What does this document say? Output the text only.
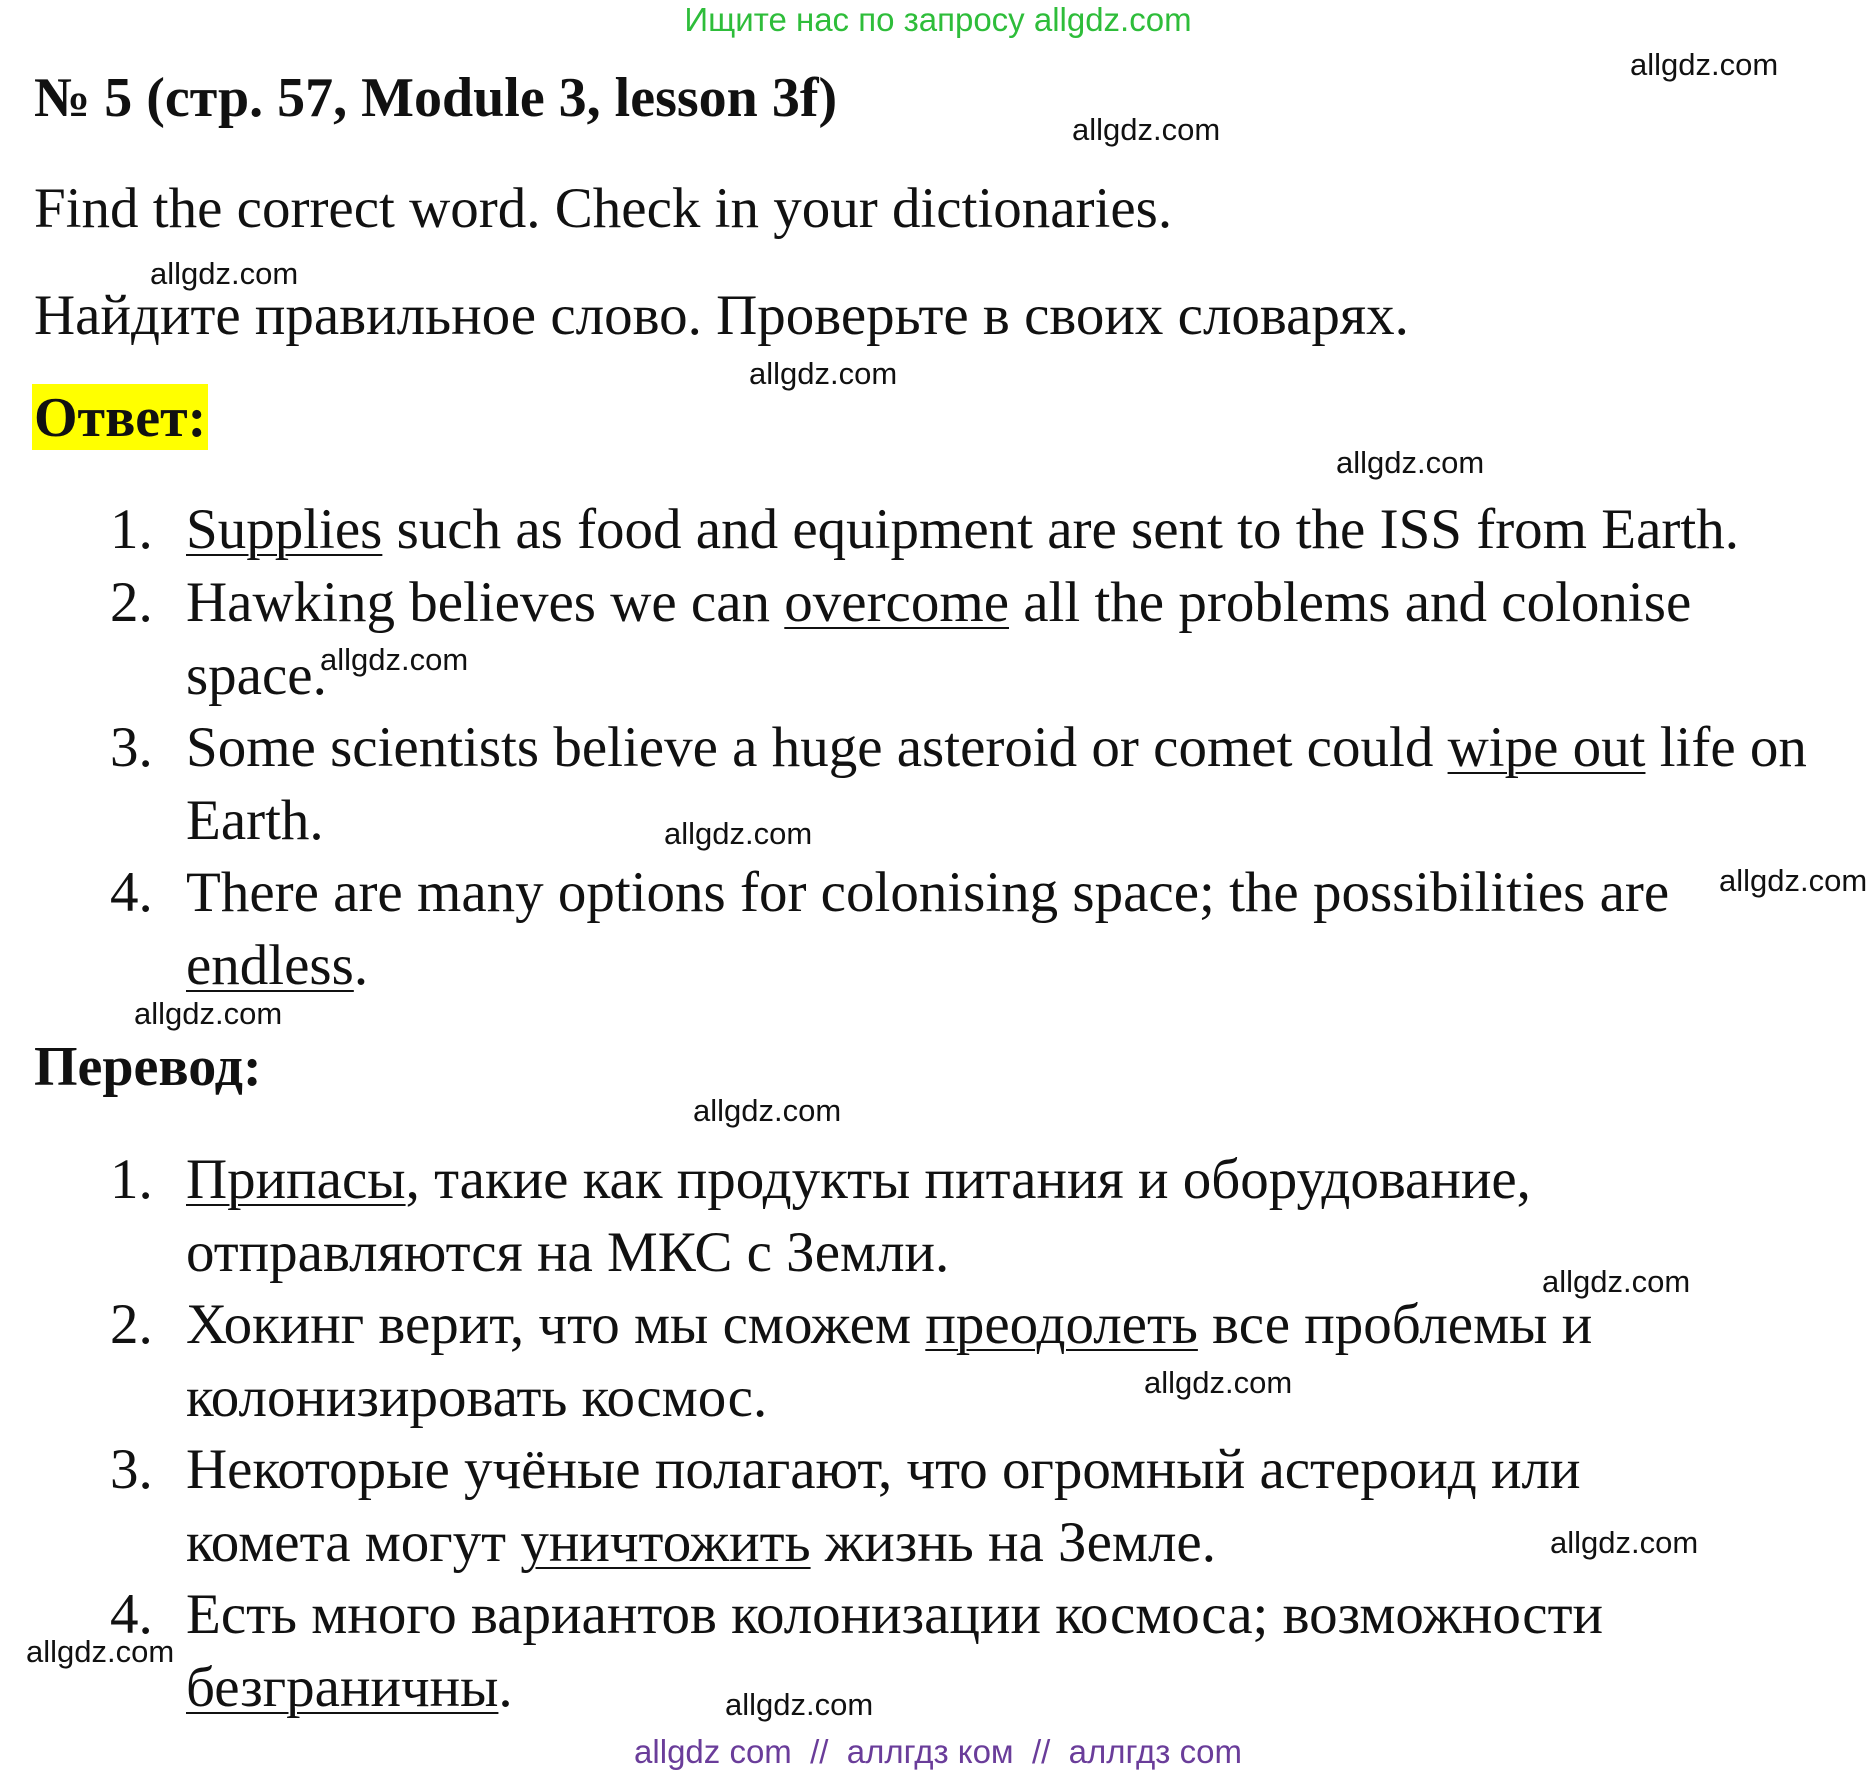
Ищите нас по запросу allgdz.com
№ 5 (стр. 57, Module 3, lesson 3f)
Find the correct word. Check in your dictionaries.
Найдите правильное слово. Проверьте в своих словарях.
Ответ:
1. Supplies such as food and equipment are sent to the ISS from Earth.
2. Hawking believes we can overcome all the problems and colonise space.
3. Some scientists believe a huge asteroid or comet could wipe out life on Earth.
4. There are many options for colonising space; the possibilities are endless.
Перевод:
1. Припасы, такие как продукты питания и оборудование, отправляются на МКС с Земли.
2. Хокинг верит, что мы сможем преодолеть все проблемы и колонизировать космос.
3. Некоторые учёные полагают, что огромный астероид или комета могут уничтожить жизнь на Земле.
4. Есть много вариантов колонизации космоса; возможности безграничны.
allgdz.com
allgdz.com
allgdz.com
allgdz.com
allgdz.com
allgdz.com
allgdz.com
allgdz.com
allgdz.com
allgdz.com
allgdz.com
allgdz.com
allgdz.com
allgdz.com
allgdz.com
allgdz com  //  аллгдз ком  //  аллгдз com
